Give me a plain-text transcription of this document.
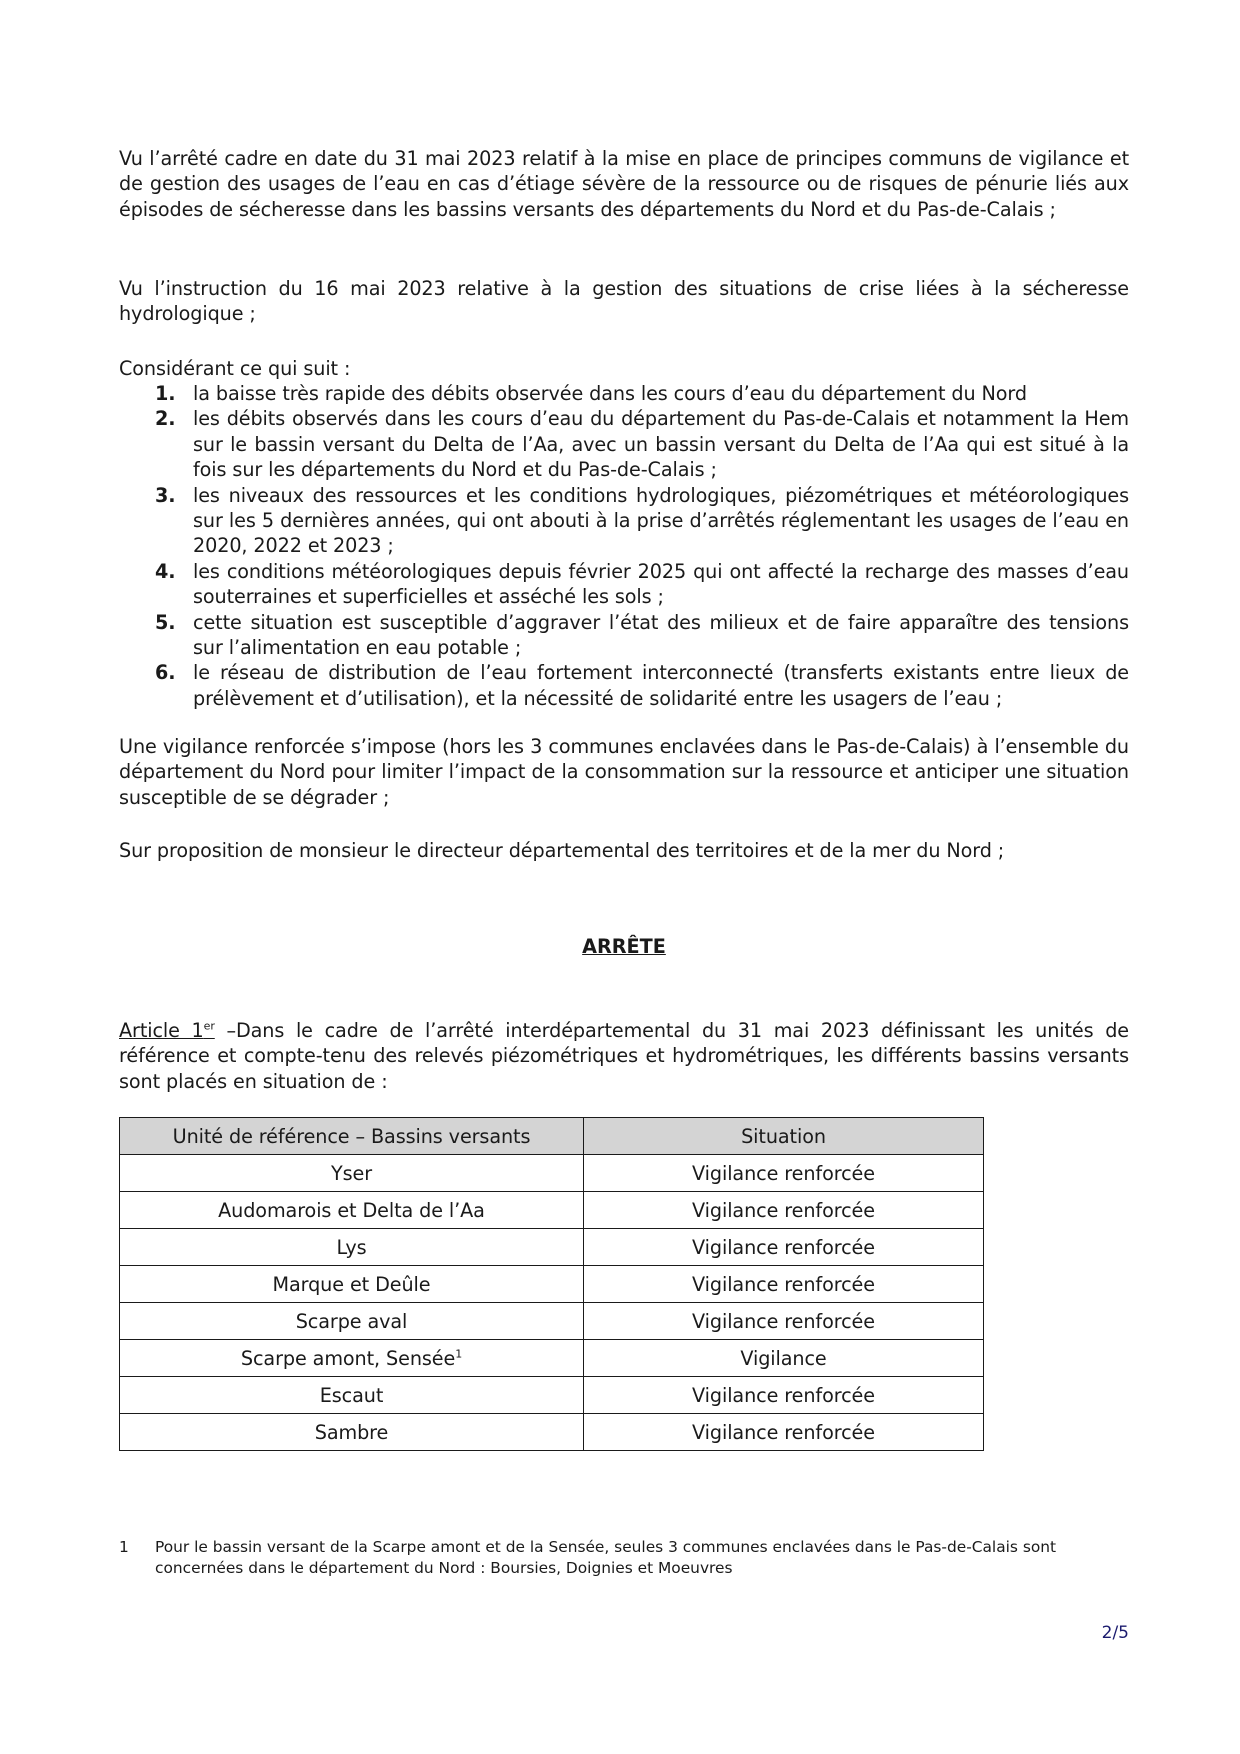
Vu l’arrêté cadre en date du 31 mai 2023 relatif à la mise en place de principes communs de vigilance et de gestion des usages de l’eau en cas d’étiage sévère de la ressource ou de risques de pénurie liés aux épisodes de sécheresse dans les bassins versants des départements du Nord et du Pas-de-Calais ;

Vu l’instruction du 16 mai 2023 relative à la gestion des situations de crise liées à la sécheresse hydrologique ;

Considérant ce qui suit :

1. la baisse très rapide des débits observée dans les cours d’eau du département du Nord
2. les débits observés dans les cours d’eau du département du Pas-de-Calais et notamment la Hem sur le bassin versant du Delta de l’Aa, avec un bassin versant du Delta de l’Aa qui est situé à la fois sur les départements du Nord et du Pas-de-Calais ;
3. les niveaux des ressources et les conditions hydrologiques, piézométriques et météorologiques sur les 5 dernières années, qui ont abouti à la prise d’arrêtés réglementant les usages de l’eau en 2020, 2022 et 2023 ;
4. les conditions météorologiques depuis février 2025 qui ont affecté la recharge des masses d’eau souterraines et superficielles et asséché les sols ;
5. cette situation est susceptible d’aggraver l’état des milieux et de faire apparaître des tensions sur l’alimentation en eau potable ;
6. le réseau de distribution de l’eau fortement interconnecté (transferts existants entre lieux de prélèvement et d’utilisation), et la nécessité de solidarité entre les usagers de l’eau ;

Une vigilance renforcée s’impose (hors les 3 communes enclavées dans le Pas-de-Calais) à l’ensemble du département du Nord pour limiter l’impact de la consommation sur la ressource et anticiper une situation susceptible de se dégrader ;

Sur proposition de monsieur le directeur départemental des territoires et de la mer du Nord ;

ARRÊTE

Article 1er –Dans le cadre de l’arrêté interdépartemental du 31 mai 2023 définissant les unités de référence et compte-tenu des relevés piézométriques et hydrométriques, les différents bassins versants sont placés en situation de :

Unité de référence – Bassins versants	Situation
Yser	Vigilance renforcée
Audomarois et Delta de l’Aa	Vigilance renforcée
Lys	Vigilance renforcée
Marque et Deûle	Vigilance renforcée
Scarpe aval	Vigilance renforcée
Scarpe amont, Sensée$^1$	Vigilance
Escaut	Vigilance renforcée
Sambre	Vigilance renforcée
1 Pour le bassin versant de la Scarpe amont et de la Sensée, seules 3 communes enclavées dans le Pas-de-Calais sont concernées dans le département du Nord : Boursies, Doignies et Moeuvres
2/5
